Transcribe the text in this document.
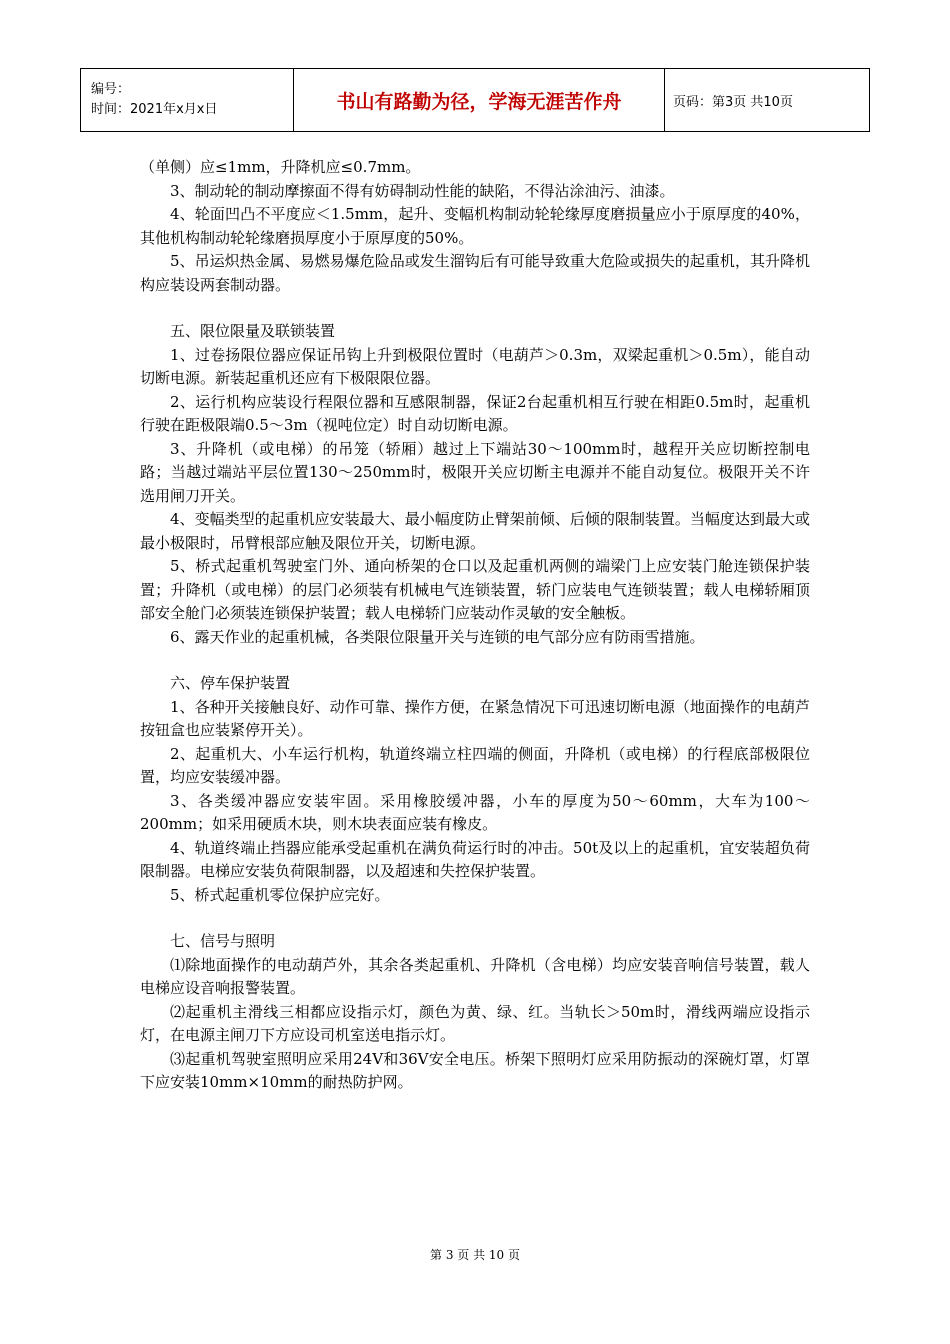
编号：
时间：2021年x月x日	书山有路勤为径，学海无涯苦作舟	页码：第3页 共10页

（单侧）应≤1mm，升降机应≤0.7mm。

3、制动轮的制动摩擦面不得有妨碍制动性能的缺陷，不得沾涂油污、油漆。

4、轮面凹凸不平度应＜1.5mm，起升、变幅机构制动轮轮缘厚度磨损量应小于原厚度的40%，其他机构制动轮轮缘磨损厚度小于原厚度的50%。

5、吊运炽热金属、易燃易爆危险品或发生溜钩后有可能导致重大危险或损失的起重机，其升降机构应装设两套制动器。

五、限位限量及联锁装置

1、过卷扬限位器应保证吊钩上升到极限位置时（电葫芦＞0.3m，双梁起重机＞0.5m），能自动切断电源。新装起重机还应有下极限限位器。

2、运行机构应装设行程限位器和互感限制器，保证2台起重机相互行驶在相距0.5m时，起重机行驶在距极限端0.5～3m（视吨位定）时自动切断电源。

3、升降机（或电梯）的吊笼（轿厢）越过上下端站30～100mm时，越程开关应切断控制电路；当越过端站平层位置130～250mm时，极限开关应切断主电源并不能自动复位。极限开关不许选用闸刀开关。

4、变幅类型的起重机应安装最大、最小幅度防止臂架前倾、后倾的限制装置。当幅度达到最大或最小极限时，吊臂根部应触及限位开关，切断电源。

5、桥式起重机驾驶室门外、通向桥架的仓口以及起重机两侧的端梁门上应安装门舱连锁保护装置；升降机（或电梯）的层门必须装有机械电气连锁装置，轿门应装电气连锁装置；载人电梯轿厢顶部安全舱门必须装连锁保护装置；载人电梯轿门应装动作灵敏的安全触板。

6、露天作业的起重机械，各类限位限量开关与连锁的电气部分应有防雨雪措施。

六、停车保护装置

1、各种开关接触良好、动作可靠、操作方便，在紧急情况下可迅速切断电源（地面操作的电葫芦按钮盒也应装紧停开关）。

2、起重机大、小车运行机构，轨道终端立柱四端的侧面，升降机（或电梯）的行程底部极限位置，均应安装缓冲器。

3、各类缓冲器应安装牢固。采用橡胶缓冲器，小车的厚度为50～60mm，大车为100～200mm；如采用硬质木块，则木块表面应装有橡皮。

4、轨道终端止挡器应能承受起重机在满负荷运行时的冲击。50t及以上的起重机，宜安装超负荷限制器。电梯应安装负荷限制器，以及超速和失控保护装置。

5、桥式起重机零位保护应完好。

七、信号与照明

⑴除地面操作的电动葫芦外，其余各类起重机、升降机（含电梯）均应安装音响信号装置，载人电梯应设音响报警装置。

⑵起重机主滑线三相都应设指示灯，颜色为黄、绿、红。当轨长＞50m时，滑线两端应设指示灯，在电源主闸刀下方应设司机室送电指示灯。

⑶起重机驾驶室照明应采用24V和36V安全电压。桥架下照明灯应采用防振动的深碗灯罩，灯罩下应安装10mm×10mm的耐热防护网。

第 3 页 共 10 页
